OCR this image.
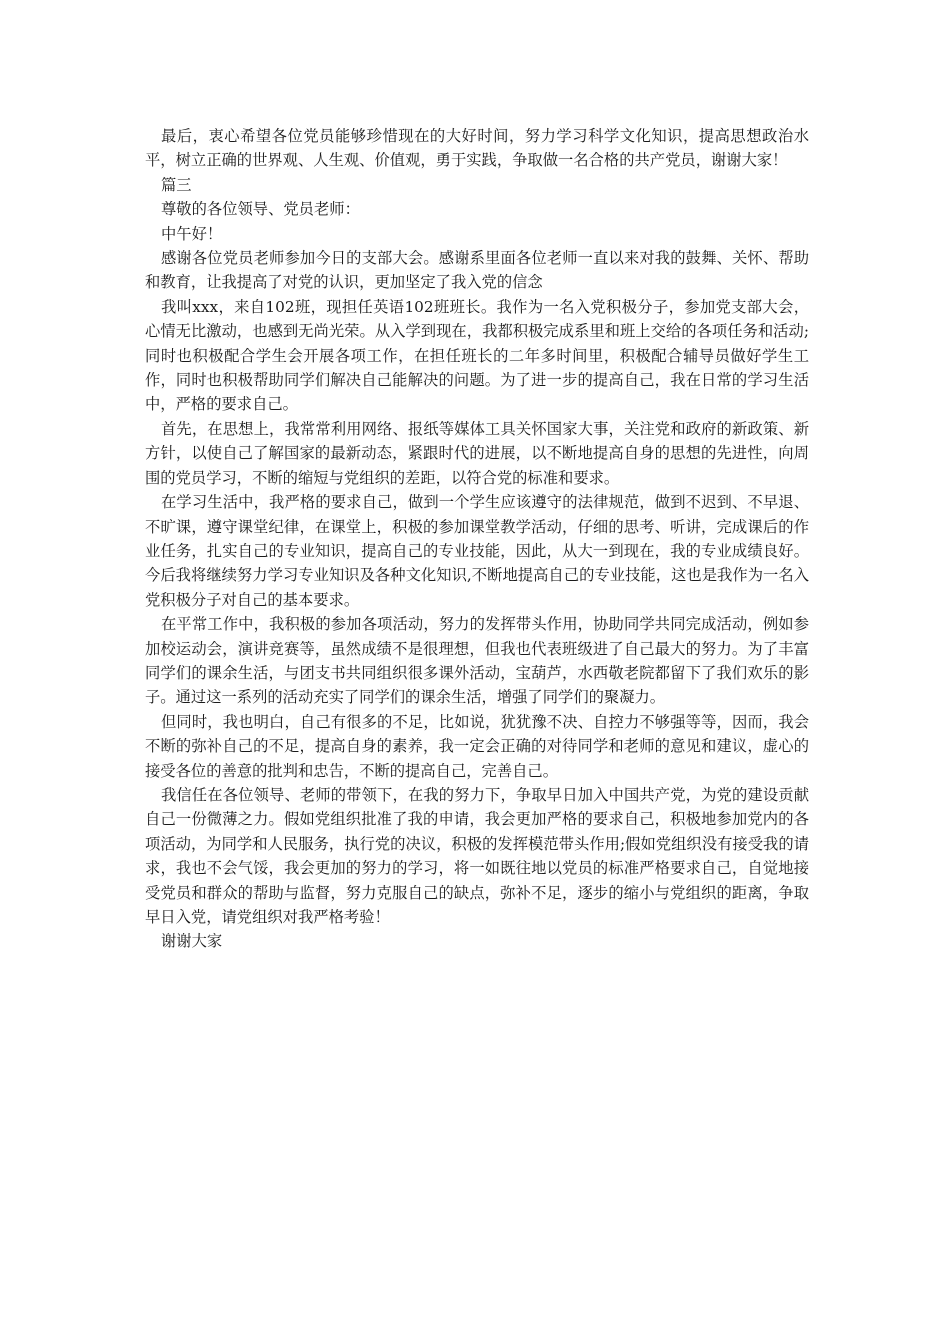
最后，衷心希望各位党员能够珍惜现在的大好时间，努力学习科学文化知识，提高思想政治水平，树立正确的世界观、人生观、价值观，勇于实践，争取做一名合格的共产党员，谢谢大家！

篇三

尊敬的各位领导、党员老师：

中午好！

感谢各位党员老师参加今日的支部大会。感谢系里面各位老师一直以来对我的鼓舞、关怀、帮助和教育，让我提高了对党的认识，更加坚定了我入党的信念

我叫xxx，来自102班，现担任英语102班班长。我作为一名入党积极分子，参加党支部大会，心情无比激动，也感到无尚光荣。从入学到现在，我都积极完成系里和班上交给的各项任务和活动;同时也积极配合学生会开展各项工作，在担任班长的二年多时间里，积极配合辅导员做好学生工作，同时也积极帮助同学们解决自己能解决的问题。为了进一步的提高自己，我在日常的学习生活中，严格的要求自己。

首先，在思想上，我常常利用网络、报纸等媒体工具关怀国家大事，关注党和政府的新政策、新方针，以使自己了解国家的最新动态，紧跟时代的进展，以不断地提高自身的思想的先进性，向周围的党员学习，不断的缩短与党组织的差距，以符合党的标准和要求。

在学习生活中，我严格的要求自己，做到一个学生应该遵守的法律规范，做到不迟到、不早退、不旷课，遵守课堂纪律，在课堂上，积极的参加课堂教学活动，仔细的思考、听讲，完成课后的作业任务，扎实自己的专业知识，提高自己的专业技能，因此，从大一到现在，我的专业成绩良好。今后我将继续努力学习专业知识及各种文化知识,不断地提高自己的专业技能，这也是我作为一名入党积极分子对自己的基本要求。

在平常工作中，我积极的参加各项活动，努力的发挥带头作用，协助同学共同完成活动，例如参加校运动会，演讲竞赛等，虽然成绩不是很理想，但我也代表班级进了自己最大的努力。为了丰富同学们的课余生活，与团支书共同组织很多课外活动，宝葫芦，水西敬老院都留下了我们欢乐的影子。通过这一系列的活动充实了同学们的课余生活，增强了同学们的聚凝力。

但同时，我也明白，自己有很多的不足，比如说，犹犹豫不决、自控力不够强等等，因而，我会不断的弥补自己的不足，提高自身的素养，我一定会正确的对待同学和老师的意见和建议，虚心的接受各位的善意的批判和忠告，不断的提高自己，完善自己。

我信任在各位领导、老师的带领下，在我的努力下，争取早日加入中国共产党，为党的建设贡献自己一份微薄之力。假如党组织批准了我的申请，我会更加严格的要求自己，积极地参加党内的各项活动，为同学和人民服务，执行党的决议，积极的发挥模范带头作用;假如党组织没有接受我的请求，我也不会气馁，我会更加的努力的学习，将一如既往地以党员的标准严格要求自己，自觉地接受党员和群众的帮助与监督，努力克服自己的缺点，弥补不足，逐步的缩小与党组织的距离，争取早日入党，请党组织对我严格考验！

谢谢大家
